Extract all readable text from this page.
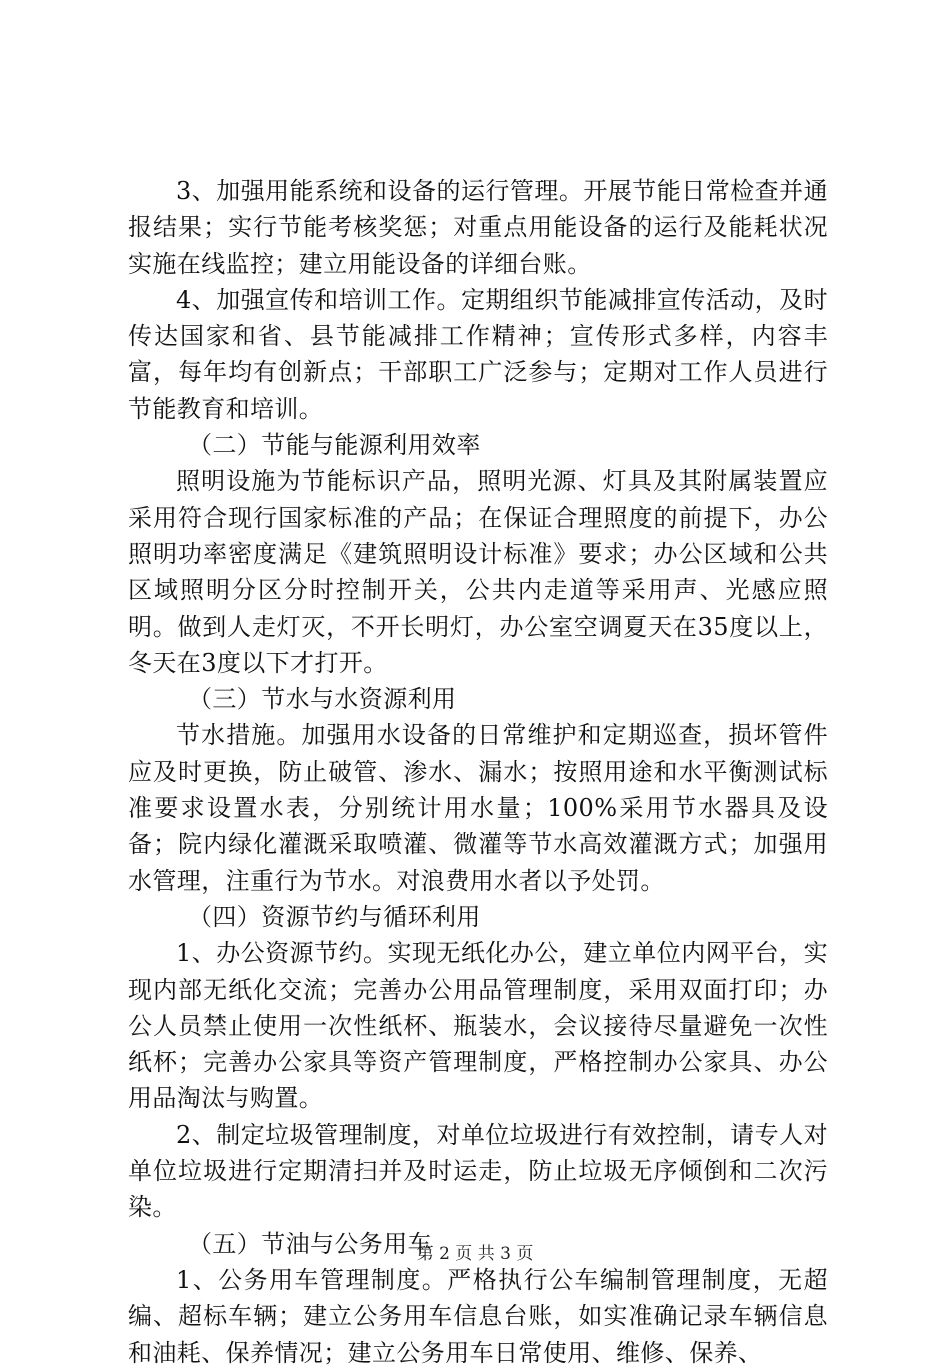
3、加强用能系统和设备的运行管理。开展节能日常检查并通报结果；实行节能考核奖惩；对重点用能设备的运行及能耗状况实施在线监控；建立用能设备的详细台账。

4、加强宣传和培训工作。定期组织节能减排宣传活动，及时传达国家和省、县节能减排工作精神；宣传形式多样，内容丰富，每年均有创新点；干部职工广泛参与；定期对工作人员进行节能教育和培训。

（二）节能与能源利用效率

照明设施为节能标识产品，照明光源、灯具及其附属装置应采用符合现行国家标准的产品；在保证合理照度的前提下，办公照明功率密度满足《建筑照明设计标准》要求；办公区域和公共区域照明分区分时控制开关，公共内走道等采用声、光感应照明。做到人走灯灭，不开长明灯，办公室空调夏天在35度以上，冬天在3度以下才打开。

（三）节水与水资源利用

节水措施。加强用水设备的日常维护和定期巡查，损坏管件应及时更换，防止破管、渗水、漏水；按照用途和水平衡测试标准要求设置水表，分别统计用水量；100%采用节水器具及设备；院内绿化灌溉采取喷灌、微灌等节水高效灌溉方式；加强用水管理，注重行为节水。对浪费用水者以予处罚。

（四）资源节约与循环利用

1、办公资源节约。实现无纸化办公，建立单位内网平台，实现内部无纸化交流；完善办公用品管理制度，采用双面打印；办公人员禁止使用一次性纸杯、瓶装水，会议接待尽量避免一次性纸杯；完善办公家具等资产管理制度，严格控制办公家具、办公用品淘汰与购置。

2、制定垃圾管理制度，对单位垃圾进行有效控制，请专人对单位垃圾进行定期清扫并及时运走，防止垃圾无序倾倒和二次污染。

（五）节油与公务用车

1、公务用车管理制度。严格执行公车编制管理制度，无超编、超标车辆；建立公务用车信息台账，如实准确记录车辆信息和油耗、保养情况；建立公务用车日常使用、维修、保养、

第 2 页 共 3 页
